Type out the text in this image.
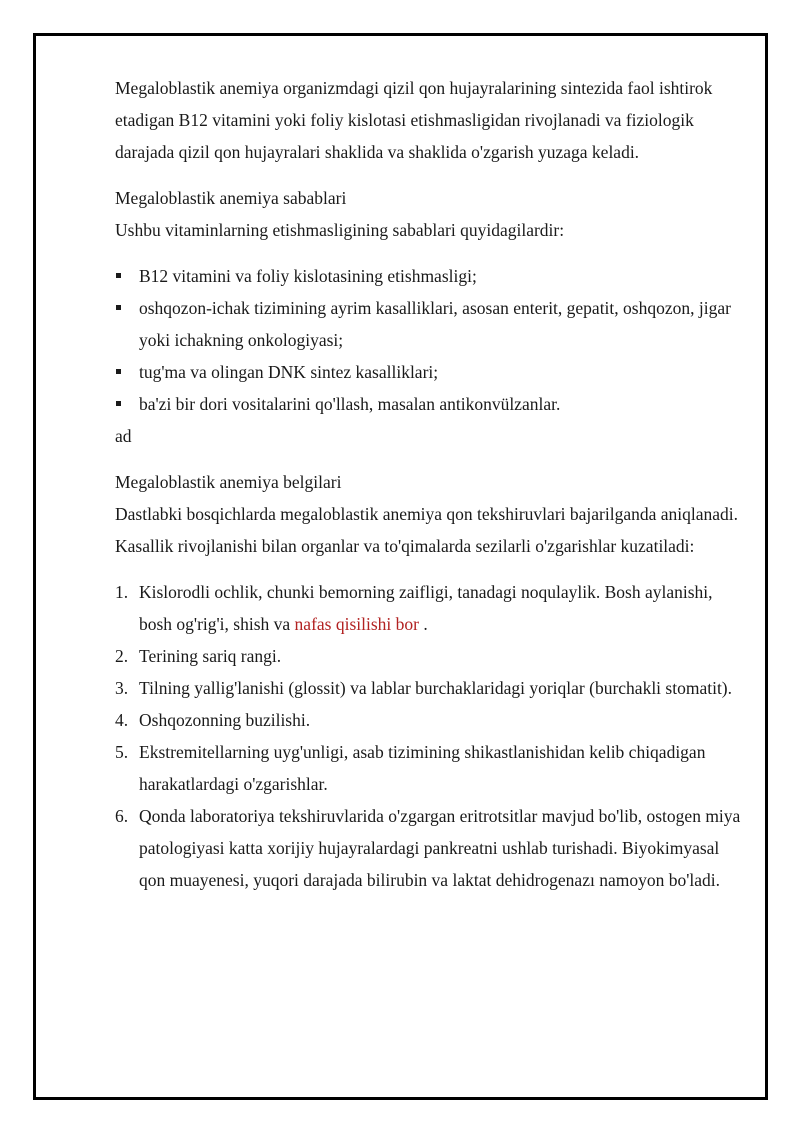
Megaloblastik anemiya organizmdagi qizil qon hujayralarining sintezida faol ishtirok etadigan B12 vitamini yoki foliy kislotasi etishmasligidan rivojlanadi va fiziologik darajada qizil qon hujayralari shaklida va shaklida o'zgarish yuzaga keladi.

Megaloblastik anemiya sabablari

Ushbu vitaminlarning etishmasligining sabablari quyidagilardir:

B12 vitamini va foliy kislotasining etishmasligi;
oshqozon-ichak tizimining ayrim kasalliklari, asosan enterit, gepatit, oshqozon, jigar yoki ichakning onkologiyasi;
tug'ma va olingan DNK sintez kasalliklari;
ba'zi bir dori vositalarini qo'llash, masalan antikonvülzanlar.

ad

Megaloblastik anemiya belgilari

Dastlabki bosqichlarda megaloblastik anemiya qon tekshiruvlari bajarilganda aniqlanadi. Kasallik rivojlanishi bilan organlar va to'qimalarda sezilarli o'zgarishlar kuzatiladi:

1. Kislorodli ochlik, chunki bemorning zaifligi, tanadagi noqulaylik. Bosh aylanishi, bosh og'rig'i, shish va nafas qisilishi bor .
2. Terining sariq rangi.
3. Tilning yallig'lanishi (glossit) va lablar burchaklaridagi yoriqlar (burchakli stomatit).
4. Oshqozonning buzilishi.
5. Ekstremitellarning uyg'unligi, asab tizimining shikastlanishidan kelib chiqadigan harakatlardagi o'zgarishlar.
6. Qonda laboratoriya tekshiruvlarida o'zgargan eritrotsitlar mavjud bo'lib, ostogen miya patologiyasi katta xorijiy hujayralardagi pankreatni ushlab turishadi. Biyokimyasal qon muayenesi, yuqori darajada bilirubin va laktat dehidrogenazı namoyon bo'ladi.
